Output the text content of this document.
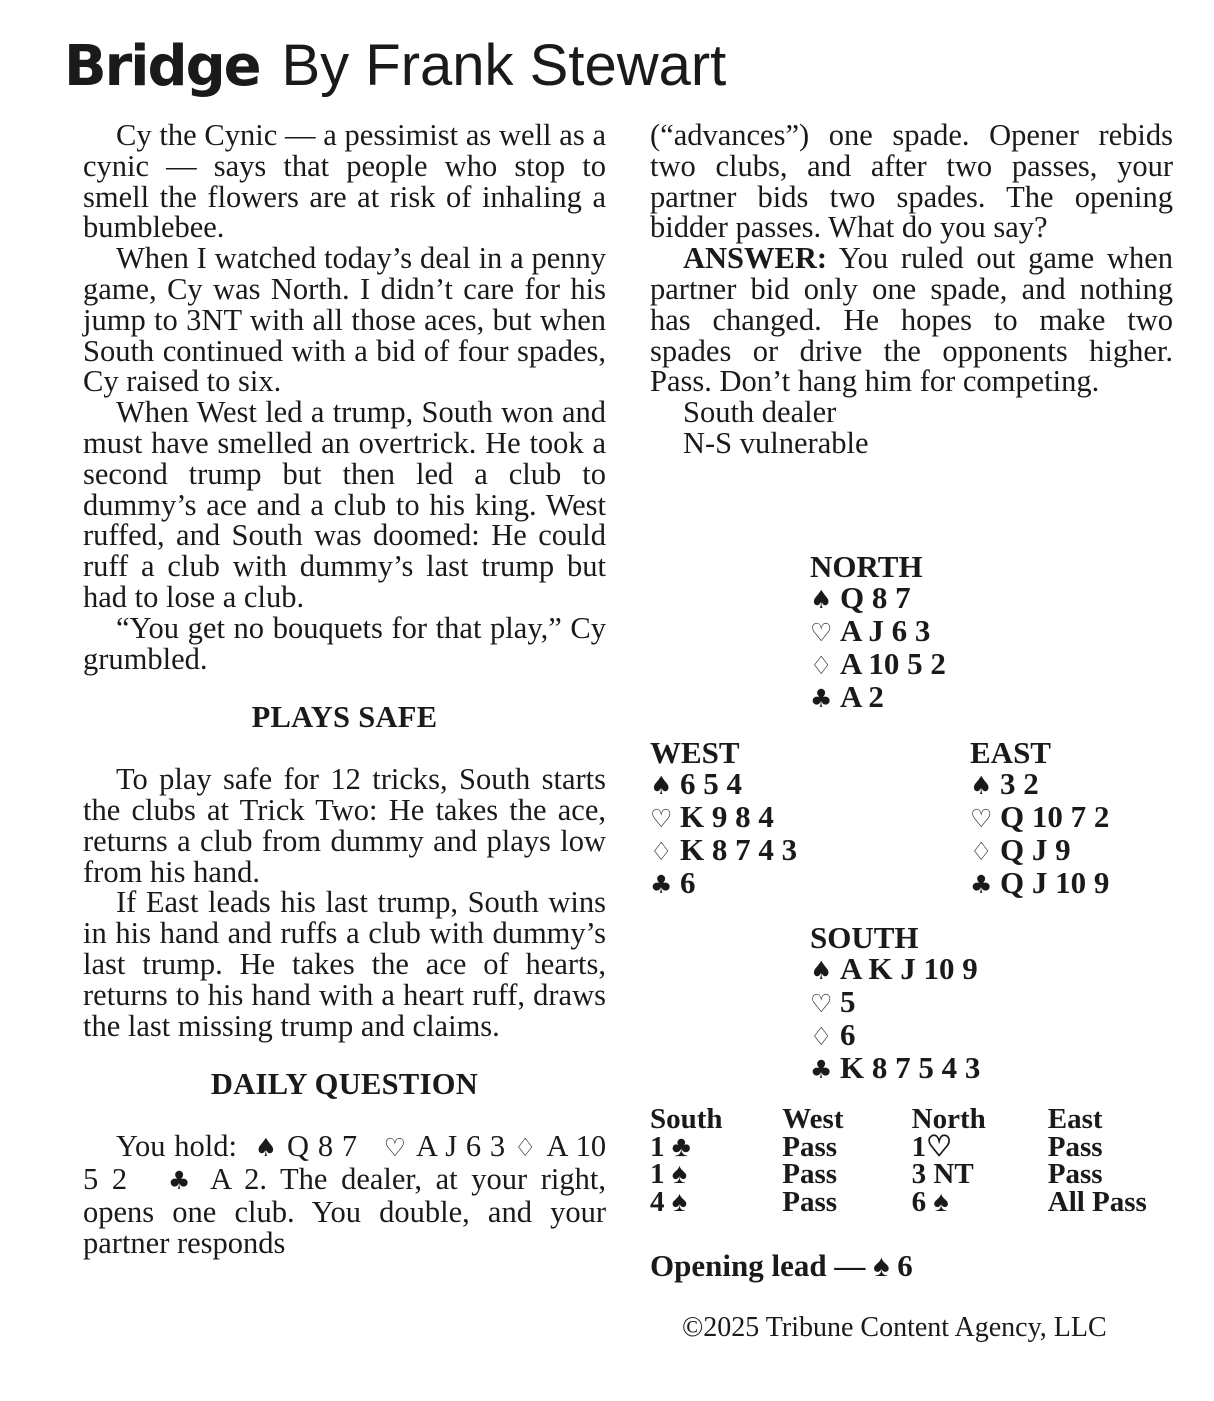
Bridge By Frank Stewart

Cy the Cynic — a pessimist as well as a cynic — says that people who stop to smell the flowers are at risk of inhaling a bumblebee.

When I watched today’s deal in a penny game, Cy was North. I didn’t care for his jump to 3NT with all those aces, but when South continued with a bid of four spades, Cy raised to six.

When West led a trump, South won and must have smelled an overtrick. He took a second trump but then led a club to dummy’s ace and a club to his king. West ruffed, and South was doomed: He could ruff a club with dummy’s last trump but had to lose a club.

“You get no bouquets for that play,” Cy grumbled.

PLAYS SAFE

To play safe for 12 tricks, South starts the clubs at Trick Two: He takes the ace, returns a club from dummy and plays low from his hand.

If East leads his last trump, South wins in his hand and ruffs a club with dummy’s last trump. He takes the ace of hearts, returns to his hand with a heart ruff, draws the last missing trump and claims.

DAILY QUESTION

You hold: ♠ Q 8 7 ♡ A J 6 3 ♢ A 10 5 2 ♣ A 2. The dealer, at your right, opens one club. You double, and your partner responds

(“advances”) one spade. Opener rebids two clubs, and after two passes, your partner bids two spades. The opening bidder passes. What do you say?

ANSWER: You ruled out game when partner bid only one spade, and nothing has changed. He hopes to make two spades or drive the opponents higher. Pass. Don’t hang him for competing.

South dealer
N-S vulnerable
NORTH
♠ Q 8 7
♡ A J 6 3
♢ A 10 5 2
♣ A 2
WEST
♠ 6 5 4
♡ K 9 8 4
♢ K 8 7 4 3
♣ 6
EAST
♠ 3 2
♡ Q 10 7 2
♢ Q J 9
♣ Q J 10 9
SOUTH
♠ A K J 10 9
♡ 5
♢ 6
♣ K 8 7 5 4 3
South	West	North	East
1 ♣	Pass	1♡	Pass
1 ♠	Pass	3 NT	Pass
4 ♠	Pass	6 ♠	All Pass
Opening lead — ♠ 6
©2025 Tribune Content Agency, LLC
